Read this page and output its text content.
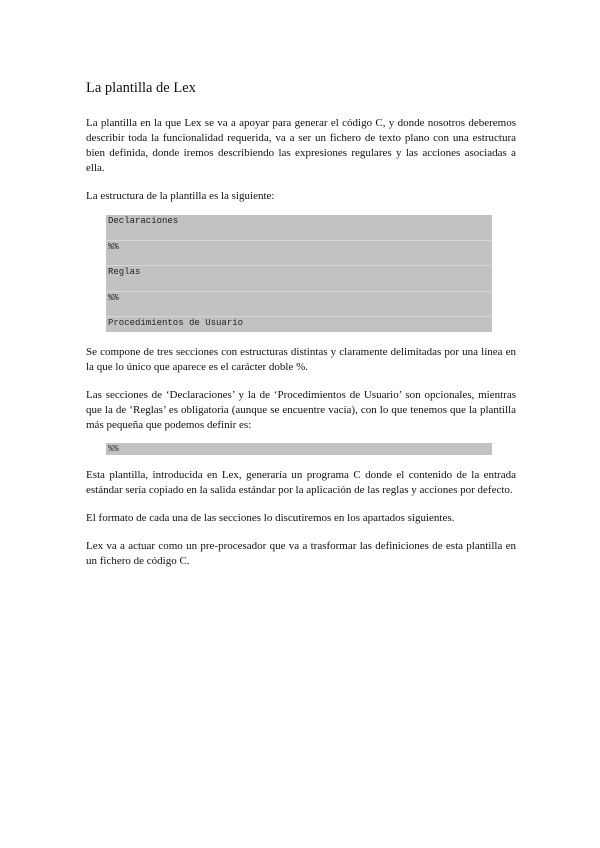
La plantilla de Lex

La plantilla en la que Lex se va a apoyar para generar el código C, y donde nosotros deberemos describir toda la funcionalidad requerida, va a ser un fichero de texto plano con una estructura bien definida, donde iremos describiendo las expresiones regulares y las acciones asociadas a ella.

La estructura de la plantilla es la siguiente:

Declaraciones
%%
Reglas
%%
Procedimientos de Usuario

Se compone de tres secciones con estructuras distintas y claramente delimitadas por una línea en la que lo único que aparece es el carácter doble %.

Las secciones de ‘Declaraciones’ y la de ‘Procedimientos de Usuario’ son opcionales, mientras que la de ‘Reglas’ es obligatoria (aunque se encuentre vacía), con lo que tenemos que la plantilla más pequeña que podemos definir es:

%%

Esta plantilla, introducida en Lex, generaría un programa C donde el contenido de la entrada estándar sería copiado en la salida estándar por la aplicación de las reglas y acciones por defecto.

El formato de cada una de las secciones lo discutiremos en los apartados siguientes.

Lex va a actuar como un pre-procesador que va a trasformar las definiciones de esta plantilla en un fichero de código C.
